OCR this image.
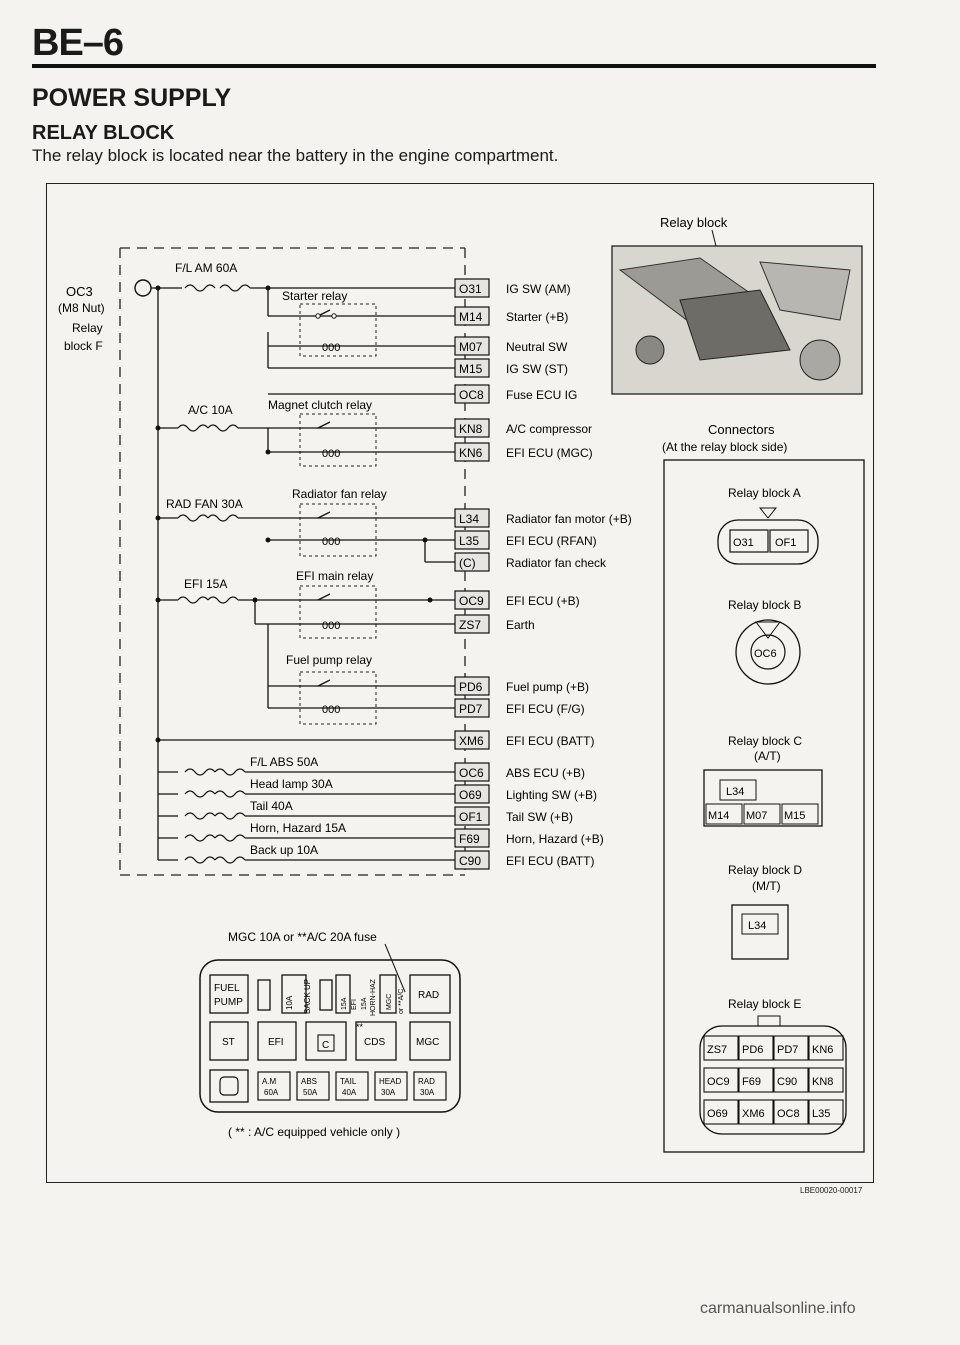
BE–6
POWER SUPPLY
RELAY BLOCK
The relay block is located near the battery in the engine compartment.
OC3
(M8 Nut)
Relay
block F
F/L AM 60A
Starter relay
000
A/C 10A	Magnet clutch relay
000
RAD FAN 30A
Radiator fan relay
000
EFI 15A
EFI main relay
000
Fuel pump relay
000
F/L ABS 50A
Head lamp 30A
Tail 40A
Horn, Hazard 15A
Back up 10A
O31 IG SW (AM)
M14 Starter (+B)
M07 Neutral SW
M15 IG SW (ST)
OC8 Fuse ECU IG
KN8 A/C compressor
KN6 EFI ECU (MGC)
L34 Radiator fan motor (+B)
L35 EFI ECU (RFAN)
(C)	Radiator fan check
OC9 EFI ECU (+B)
ZS7 Earth
PD6 Fuel pump (+B)
PD7 EFI ECU (F/G)
XM6 EFI ECU (BATT)
OC6 ABS ECU (+B)
O69 Lighting SW (+B)
OF1 Tail SW (+B)
F69 Horn, Hazard (+B)
C90 EFI ECU (BATT)
MGC 10A or **A/C 20A fuse
FUEL
PUMP	10A BACK UP	15A EFI 15A HORN-HAZ MGC or **A/C RAD
ST	EFI	C
**
CDS	MGC
A.M
60A
ABS
50A
TAIL
40A
HEAD
30A
RAD
30A
( ** : A/C equipped vehicle only )
Relay block
Connectors
(At the relay block side)
Relay block A
O31 OF1
Relay block B
OC6
Relay block C
(A/T)
L34
M14 M07 M15
Relay block D
(M/T)
L34
Relay block E
ZS7 PD6 PD7 KN6
OC9 F69 C90 KN8
O69 XM6 OC8 L35
LBE00020-00017
carmanualsonline.info
